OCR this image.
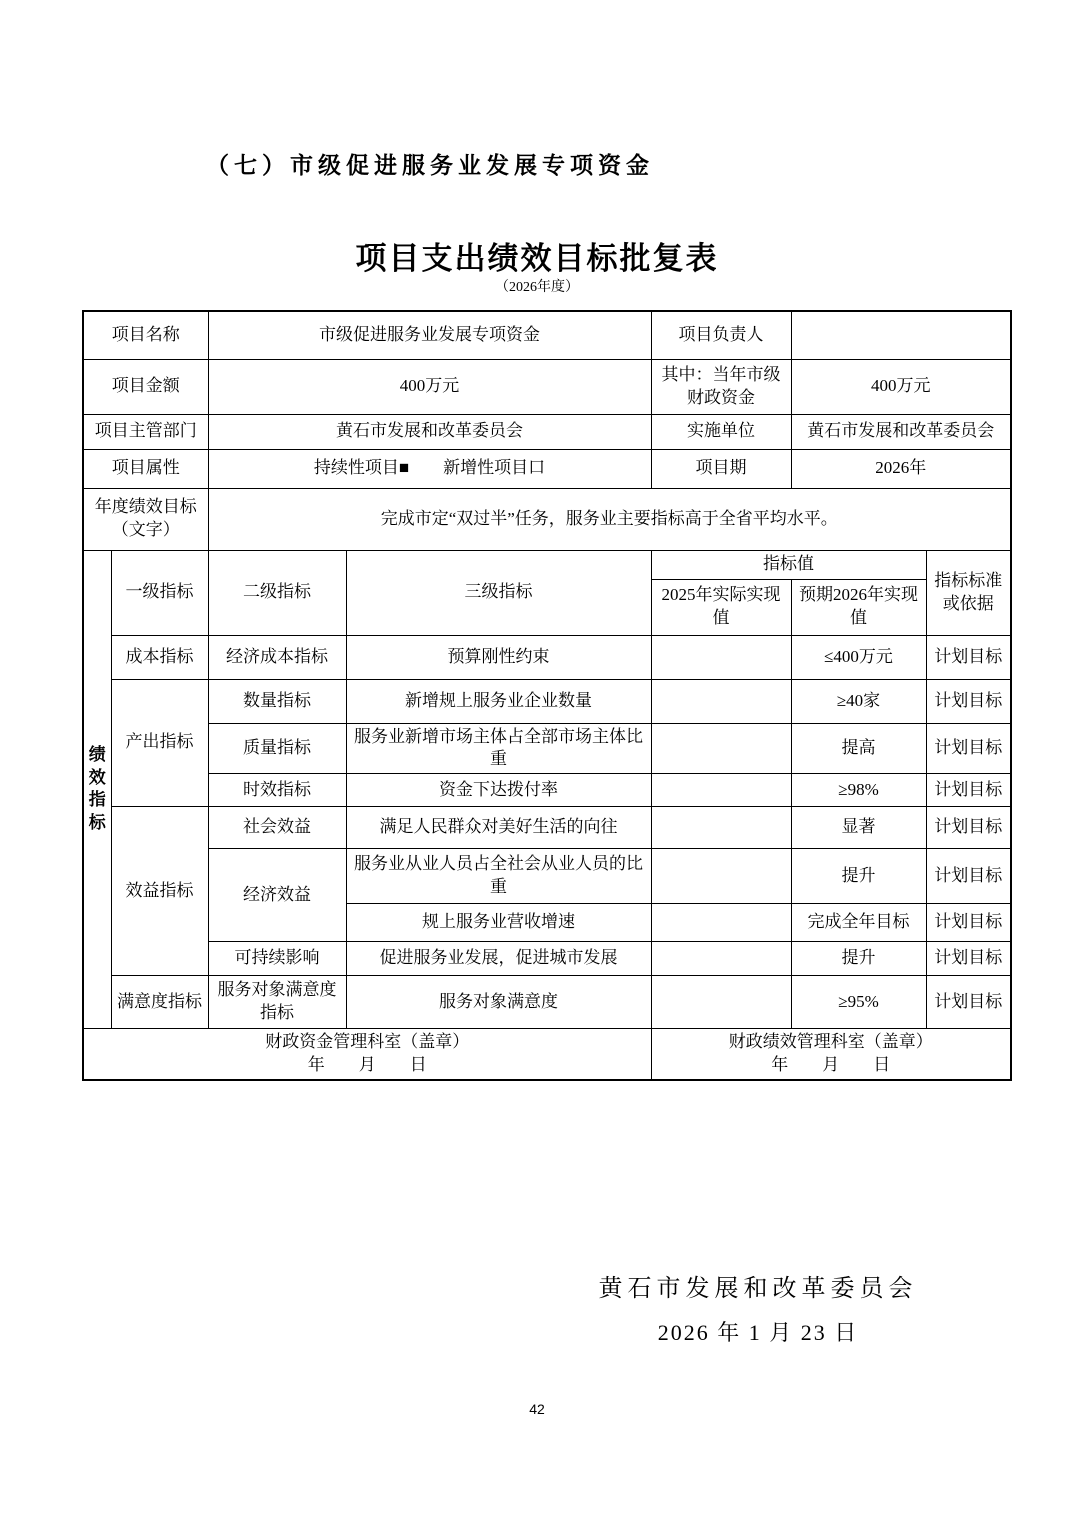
（七）市级促进服务业发展专项资金
项目支出绩效目标批复表
（2026年度）
项目名称		市级促进服务业发展专项资金		项目负责人		
项目金额		400万元		其中：当年市级财政资金	400万元	
项目主管部门		黄石市发展和改革委员会		实施单位	黄石市发展和改革委员会	
项目属性		持续性项目■　　新增性项目口		项目期	2026年	
年度绩效目标（文字）		完成市定“双过半”任务，服务业主要指标高于全省平均水平。				
绩效指标	一级指标	二级指标	三级指标	指标值		指标标准或依据
				2025年实际实现值	预期2026年实现值	
	成本指标	经济成本指标	预算刚性约束		≤400万元	计划目标
	产出指标	数量指标	新增规上服务业企业数量		≥40家	计划目标
		质量指标	服务业新增市场主体占全部市场主体比重		提高	计划目标
		时效指标	资金下达拨付率		≥98%	计划目标
	效益指标	社会效益	满足人民群众对美好生活的向往		显著	计划目标
		经济效益	服务业从业人员占全社会从业人员的比重		提升	计划目标
			规上服务业营收增速		完成全年目标	计划目标
		可持续影响	促进服务业发展，促进城市发展		提升	计划目标
	满意度指标	服务对象满意度指标	服务对象满意度		≥95%	计划目标

财政资金管理科室（盖章）
年　　月　　日

财政绩效管理科室（盖章）
年　　月　　日
黄石市发展和改革委员会
2026 年 1 月 23 日
42
